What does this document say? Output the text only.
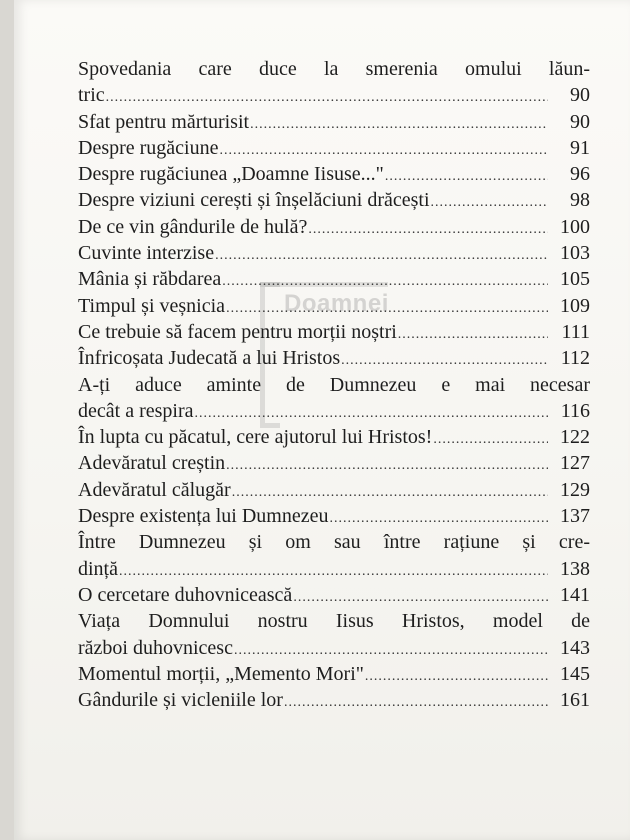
Doamnei
Spovedania care duce la smerenia omului lăun-
tric .....	90
Sfat pentru mărturisit .....	90
Despre rugăciune .....	91
Despre rugăciunea „Doamne Iisuse..." .....	96
Despre viziuni cerești și înșelăciuni drăcești .....	98
De ce vin gândurile de hulă? .....	100
Cuvinte interzise .....	103
Mânia și răbdarea .....	105
Timpul și veșnicia .....	109
Ce trebuie să facem pentru morții noștri .....	111
Înfricoșata Judecată a lui Hristos .....	112
A-ți aduce aminte de Dumnezeu e mai necesar
decât a respira .....	116
În lupta cu păcatul, cere ajutorul lui Hristos! .....	122
Adevăratul creștin .....	127
Adevăratul călugăr .....	129
Despre existența lui Dumnezeu .....	137
Între Dumnezeu și om sau între rațiune și cre-
dință .....	138
O cercetare duhovnicească .....	141
Viața Domnului nostru Iisus Hristos, model de
război duhovnicesc .....	143
Momentul morții, „Memento Mori" .....	145
Gândurile și vicleniile lor .....	161
